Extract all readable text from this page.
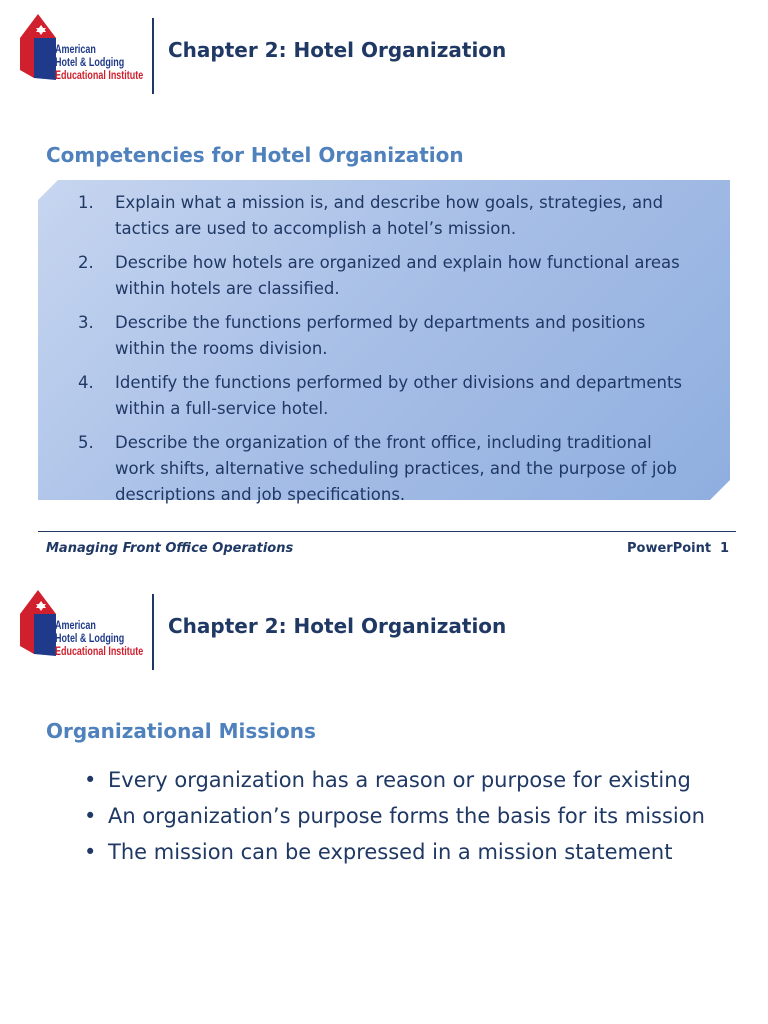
American
Hotel & Lodging
Educational Institute
Chapter 2: Hotel Organization
Competencies for Hotel Organization
1. Explain what a mission is, and describe how goals, strategies, and tactics are used to accomplish a hotel’s mission.
2. Describe how hotels are organized and explain how functional areas within hotels are classified.
3. Describe the functions performed by departments and positions within the rooms division.
4. Identify the functions performed by other divisions and departments within a full-service hotel.
5. Describe the organization of the front office, including traditional work shifts, alternative scheduling practices, and the purpose of job descriptions and job specifications.
Managing Front Office Operations	PowerPoint 1
American
Hotel & Lodging
Educational Institute
Chapter 2: Hotel Organization
Organizational Missions
• Every organization has a reason or purpose for existing
• An organization’s purpose forms the basis for its mission
• The mission can be expressed in a mission statement
